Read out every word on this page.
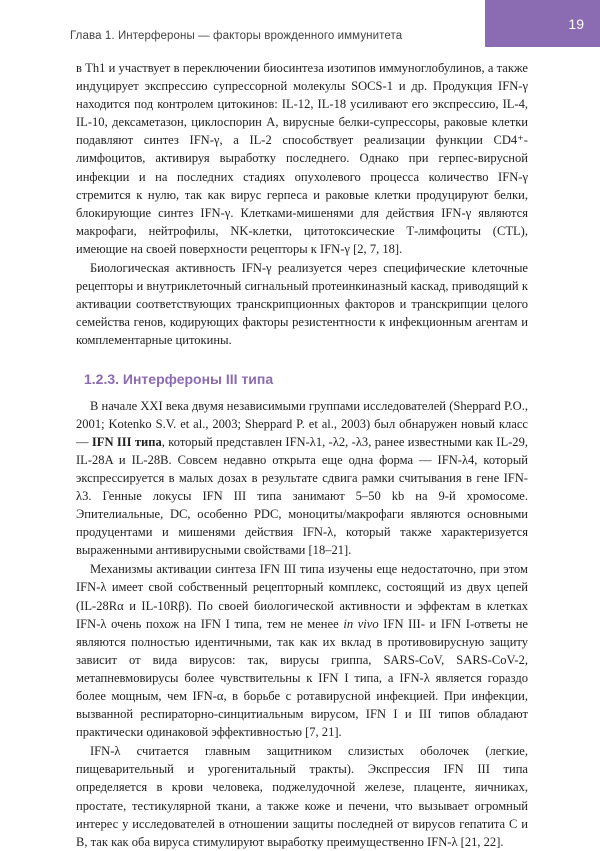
Глава 1. Интерфероны — факторы врожденного иммунитета
19

в Th1 и участвует в переключении биосинтеза изотипов иммуноглобулинов, а также индуцирует экспрессию супрессорной молекулы SOCS-1 и др. Продукция IFN-γ находится под контролем цитокинов: IL-12, IL-18 усиливают его экспрессию, IL-4, IL-10, дексаметазон, циклоспорин А, вирусные белки-супрессоры, раковые клетки подавляют синтез IFN-γ, а IL-2 способствует реализации функции CD4⁺-лимфоцитов, активируя выработку последнего. Однако при герпес-вирусной инфекции и на последних стадиях опухолевого процесса количество IFN-γ стремится к нулю, так как вирус герпеса и раковые клетки продуцируют белки, блокирующие синтез IFN-γ. Клетками-мишенями для действия IFN-γ являются макрофаги, нейтрофилы, NK-клетки, цитотоксические Т-лимфоциты (CTL), имеющие на своей поверхности рецепторы к IFN-γ [2, 7, 18].

Биологическая активность IFN-γ реализуется через специфические клеточные рецепторы и внутриклеточный сигнальный протеинкиназный каскад, приводящий к активации соответствующих транскрипционных факторов и транскрипции целого семейства генов, кодирующих факторы резистентности к инфекционным агентам и комплементарные цитокины.

1.2.3. Интерфероны III типа

В начале XXI века двумя независимыми группами исследователей (Sheppard P.O., 2001; Kotenko S.V. et al., 2003; Sheppard P. et al., 2003) был обнаружен новый класс — IFN III типа, который представлен IFN-λ1, -λ2, -λ3, ранее известными как IL-29, IL-28A и IL-28B. Совсем недавно открыта еще одна форма — IFN-λ4, который экспрессируется в малых дозах в результате сдвига рамки считывания в гене IFN-λ3. Генные локусы IFN III типа занимают 5–50 kb на 9-й хромосоме. Эпителиальные, DC, особенно PDC, моноциты/макрофаги являются основными продуцентами и мишенями действия IFN-λ, который также характеризуется выраженными антивирусными свойствами [18–21].

Механизмы активации синтеза IFN III типа изучены еще недостаточно, при этом IFN-λ имеет свой собственный рецепторный комплекс, состоящий из двух цепей (IL-28Rα и IL-10Rβ). По своей биологической активности и эффектам в клетках IFN-λ очень похож на IFN I типа, тем не менее in vivo IFN III- и IFN I-ответы не являются полностью идентичными, так как их вклад в противовирусную защиту зависит от вида вирусов: так, вирусы гриппа, SARS-CoV, SARS-CoV-2, метапневмовирусы более чувствительны к IFN I типа, а IFN-λ является гораздо более мощным, чем IFN-α, в борьбе с ротавирусной инфекцией. При инфекции, вызванной респираторно-синцитиальным вирусом, IFN I и III типов обладают практически одинаковой эффективностью [7, 21].

IFN-λ считается главным защитником слизистых оболочек (легкие, пищеварительный и урогенитальный тракты). Экспрессия IFN III типа определяется в крови человека, поджелудочной железе, плаценте, яичниках, простате, тестикулярной ткани, а также коже и печени, что вызывает огромный интерес у исследователей в отношении защиты последней от вирусов гепатита С и В, так как оба вируса стимулируют выработку преимущественно IFN-λ [21, 22].
